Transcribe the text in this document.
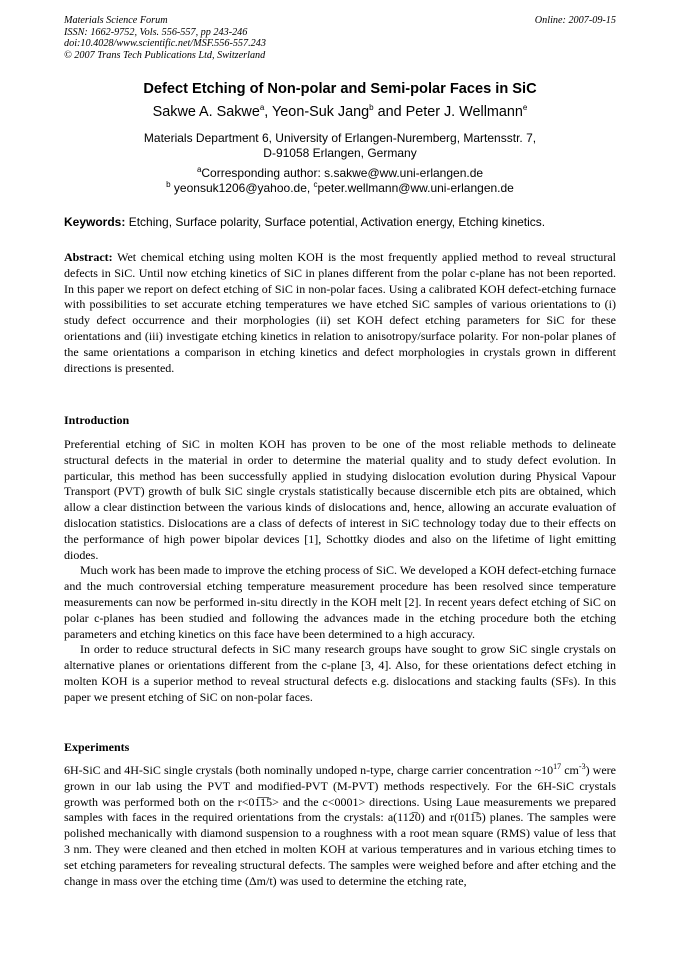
Materials Science Forum
ISSN: 1662-9752, Vols. 556-557, pp 243-246
doi:10.4028/www.scientific.net/MSF.556-557.243
© 2007 Trans Tech Publications Ltd, Switzerland
Online: 2007-09-15
Defect Etching of Non-polar and Semi-polar Faces in SiC
Sakwe A. Sakwe$^a$, Yeon-Suk Jang$^b$ and Peter J. Wellmann$^e$
Materials Department 6, University of Erlangen-Nuremberg, Martensstr. 7,
D-91058 Erlangen, Germany
$^a$Corresponding author: s.sakwe@ww.uni-erlangen.de
$^b$ yeonsuk1206@yahoo.de, $^c$peter.wellmann@ww.uni-erlangen.de
Keywords: Etching, Surface polarity, Surface potential, Activation energy, Etching kinetics.
Abstract: Wet chemical etching using molten KOH is the most frequently applied method to reveal structural defects in SiC. Until now etching kinetics of SiC in planes different from the polar c-plane has not been reported. In this paper we report on defect etching of SiC in non-polar faces. Using a calibrated KOH defect-etching furnace with possibilities to set accurate etching temperatures we have etched SiC samples of various orientations to (i) study defect occurrence and their morphologies (ii) set KOH defect etching parameters for SiC for these orientations and (iii) investigate etching kinetics in relation to anisotropy/surface polarity. For non-polar planes of the same orientations a comparison in etching kinetics and defect morphologies in crystals grown in different directions is presented.
Introduction

Preferential etching of SiC in molten KOH has proven to be one of the most reliable methods to delineate structural defects in the material in order to determine the material quality and to study defect evolution. In particular, this method has been successfully applied in studying dislocation evolution during Physical Vapour Transport (PVT) growth of bulk SiC single crystals statistically because discernible etch pits are obtained, which allow a clear distinction between the various kinds of dislocations and, hence, allowing an accurate evaluation of dislocation statistics. Dislocations are a class of defects of interest in SiC technology today due to their effects on the performance of high power bipolar devices [1], Schottky diodes and also on the lifetime of light emitting diodes.

Much work has been made to improve the etching process of SiC. We developed a KOH defect-etching furnace and the much controversial etching temperature measurement procedure has been resolved since temperature measurements can now be performed in-situ directly in the KOH melt [2]. In recent years defect etching of SiC on polar c-planes has been studied and following the advances made in the etching procedure both the etching parameters and etching kinetics on this face have been determined to a high accuracy.

In order to reduce structural defects in SiC many research groups have sought to grow SiC single crystals on alternative planes or orientations different from the c-plane [3, 4]. Also, for these orientations defect etching in molten KOH is a superior method to reveal structural defects e.g. dislocations and stacking faults (SFs). In this paper we present etching of SiC on non-polar faces.

Experiments
6H-SiC and 4H-SiC single crystals (both nominally undoped n-type, charge carrier concentration $\sim 10^{17}$ $cm^{-3}$) were grown in our lab using the PVT and modified-PVT (M-PVT) methods respectively. For the 6H-SiC crystals growth was performed both on the r<01̅1̅5> and the c<0001> directions. Using Laue measurements we prepared samples with faces in the required orientations from the crystals: a(112̅0) and r(011̅5) planes. The samples were polished mechanically with diamond suspension to a roughness with a root mean square (RMS) value of less that 3 nm. They were cleaned and then etched in molten KOH at various temperatures and in various etching times to set etching parameters for revealing structural defects. The samples were weighed before and after etching and the change in mass over the etching time (Δm/t) was used to determine the etching rate,
